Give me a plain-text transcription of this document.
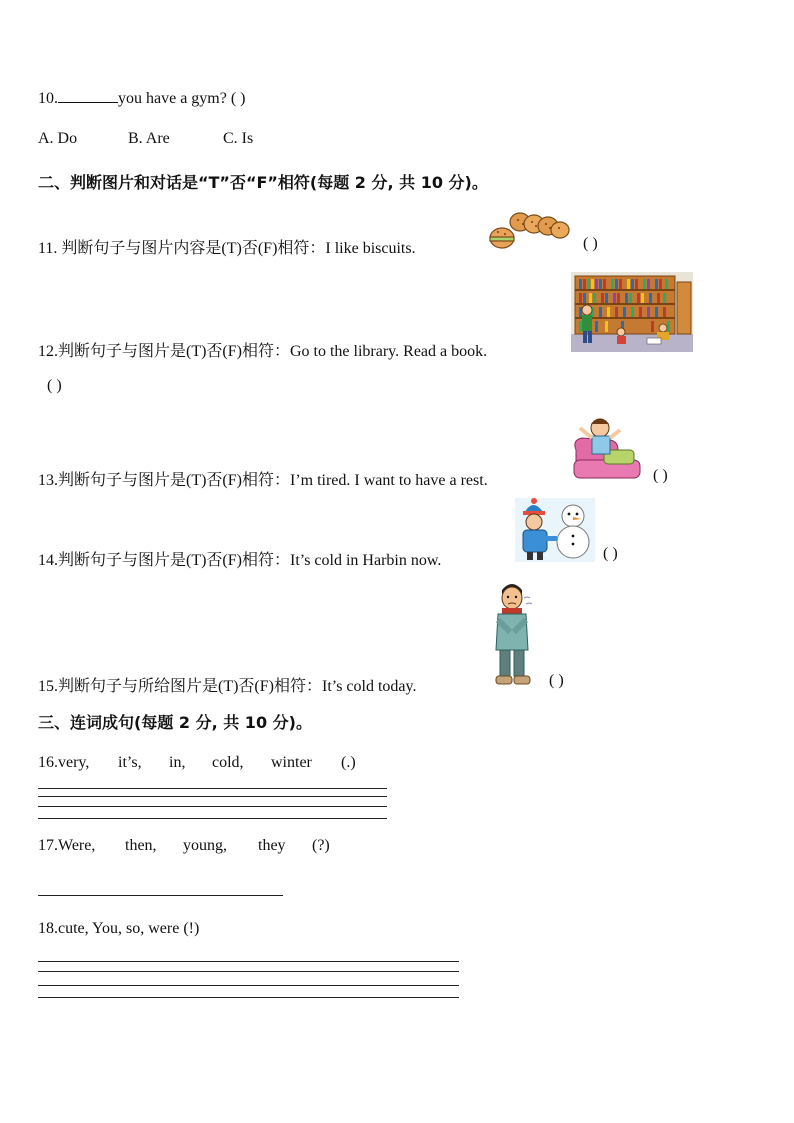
10.	you have a gym? ( )
A. Do	B. Are	C. Is
二、判断图片和对话是“T”否“F”相符(每题 2 分, 共 10 分)。
11. 判断句子与图片内容是(T)否(F)相符：I like biscuits.	( )
12.判断句子与图片是(T)否(F)相符：Go to the library. Read a book.
( )
13.判断句子与图片是(T)否(F)相符：I’m tired. I want to have a rest.	( )
14.判断句子与图片是(T)否(F)相符：It’s cold in Harbin now.	( )
15.判断句子与所给图片是(T)否(F)相符：It’s cold today.	( )
三、连词成句(每题 2 分, 共 10 分)。
16.very, it’s, in, cold, winter (.)
17.Were, then, young, they (?)
18.cute, You, so, were (!)
